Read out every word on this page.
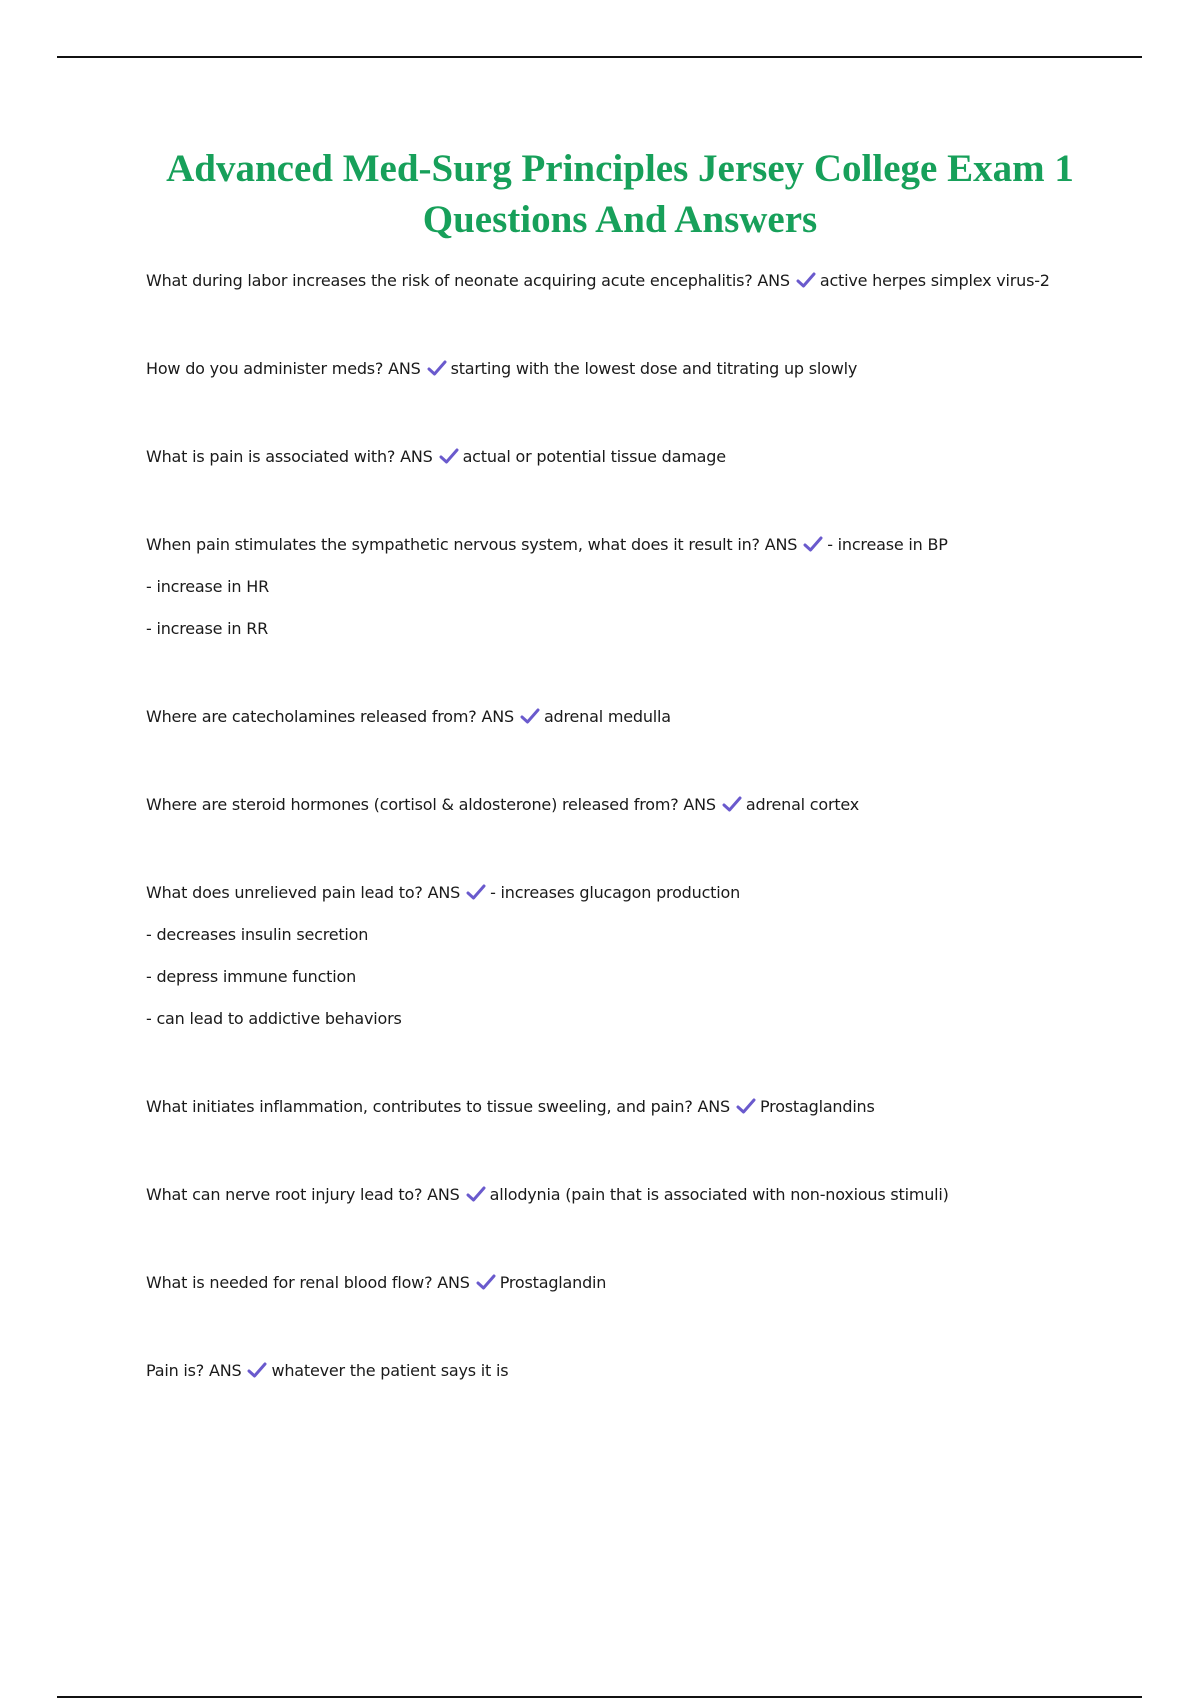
Advanced Med-Surg Principles Jersey College Exam 1 Questions And Answers
What during labor increases the risk of neonate acquiring acute encephalitis? ANS active herpes simplex virus-2
How do you administer meds? ANS starting with the lowest dose and titrating up slowly
What is pain is associated with? ANS actual or potential tissue damage
When pain stimulates the sympathetic nervous system, what does it result in? ANS - increase in BP
- increase in HR
- increase in RR
Where are catecholamines released from? ANS adrenal medulla
Where are steroid hormones (cortisol & aldosterone) released from? ANS adrenal cortex
What does unrelieved pain lead to? ANS - increases glucagon production
- decreases insulin secretion
- depress immune function
- can lead to addictive behaviors
What initiates inflammation, contributes to tissue sweeling, and pain? ANS Prostaglandins
What can nerve root injury lead to? ANS allodynia (pain that is associated with non-noxious stimuli)
What is needed for renal blood flow? ANS Prostaglandin
Pain is? ANS whatever the patient says it is
